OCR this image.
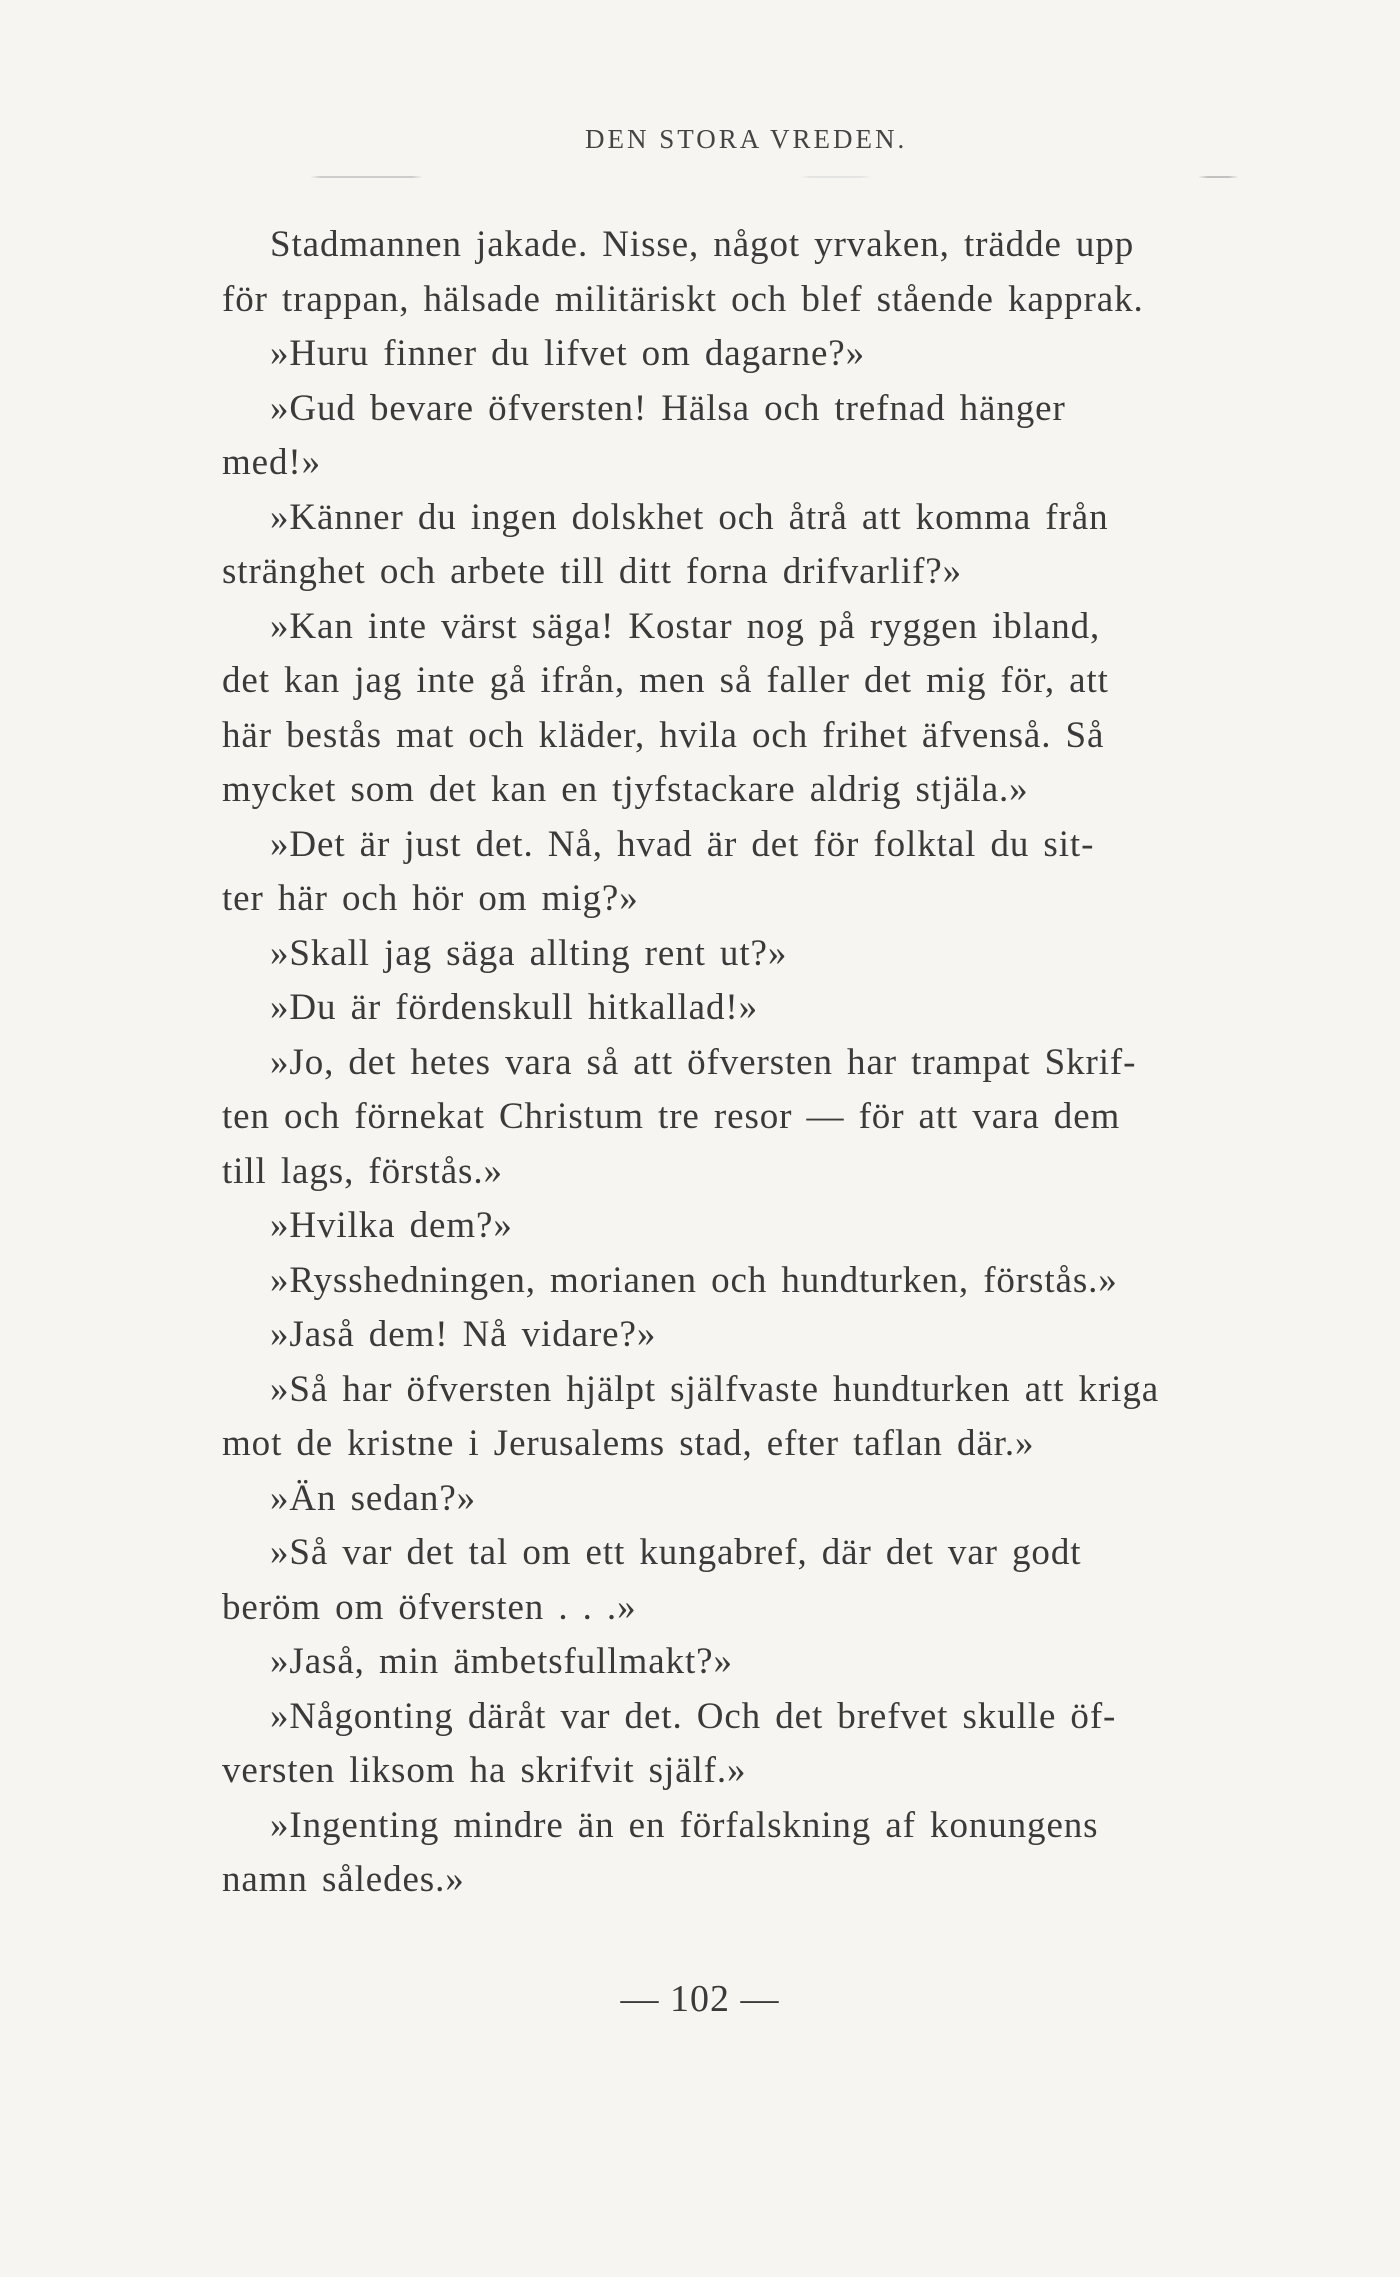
DEN STORA VREDEN.

Stadmannen jakade. Nisse, något yrvaken, trädde upp
för trappan, hälsade militäriskt och blef stående kapprak.
»Huru finner du lifvet om dagarne?»
»Gud bevare öfversten! Hälsa och trefnad hänger
med!»
»Känner du ingen dolskhet och åtrå att komma från
stränghet och arbete till ditt forna drifvarlif?»
»Kan inte värst säga! Kostar nog på ryggen ibland,
det kan jag inte gå ifrån, men så faller det mig för, att
här bestås mat och kläder, hvila och frihet äfvenså. Så
mycket som det kan en tjyfstackare aldrig stjäla.»
»Det är just det. Nå, hvad är det för folktal du sit-
ter här och hör om mig?»
»Skall jag säga allting rent ut?»
»Du är fördenskull hitkallad!»
»Jo, det hetes vara så att öfversten har trampat Skrif-
ten och förnekat Christum tre resor — för att vara dem
till lags, förstås.»
»Hvilka dem?»
»Rysshedningen, morianen och hundturken, förstås.»
»Jaså dem! Nå vidare?»
»Så har öfversten hjälpt själfvaste hundturken att kriga
mot de kristne i Jerusalems stad, efter taflan där.»
»Än sedan?»
»Så var det tal om ett kungabref, där det var godt
beröm om öfversten . . .»
»Jaså, min ämbetsfullmakt?»
»Någonting däråt var det. Och det brefvet skulle öf-
versten liksom ha skrifvit själf.»
»Ingenting mindre än en förfalskning af konungens
namn således.»

— 102 —
